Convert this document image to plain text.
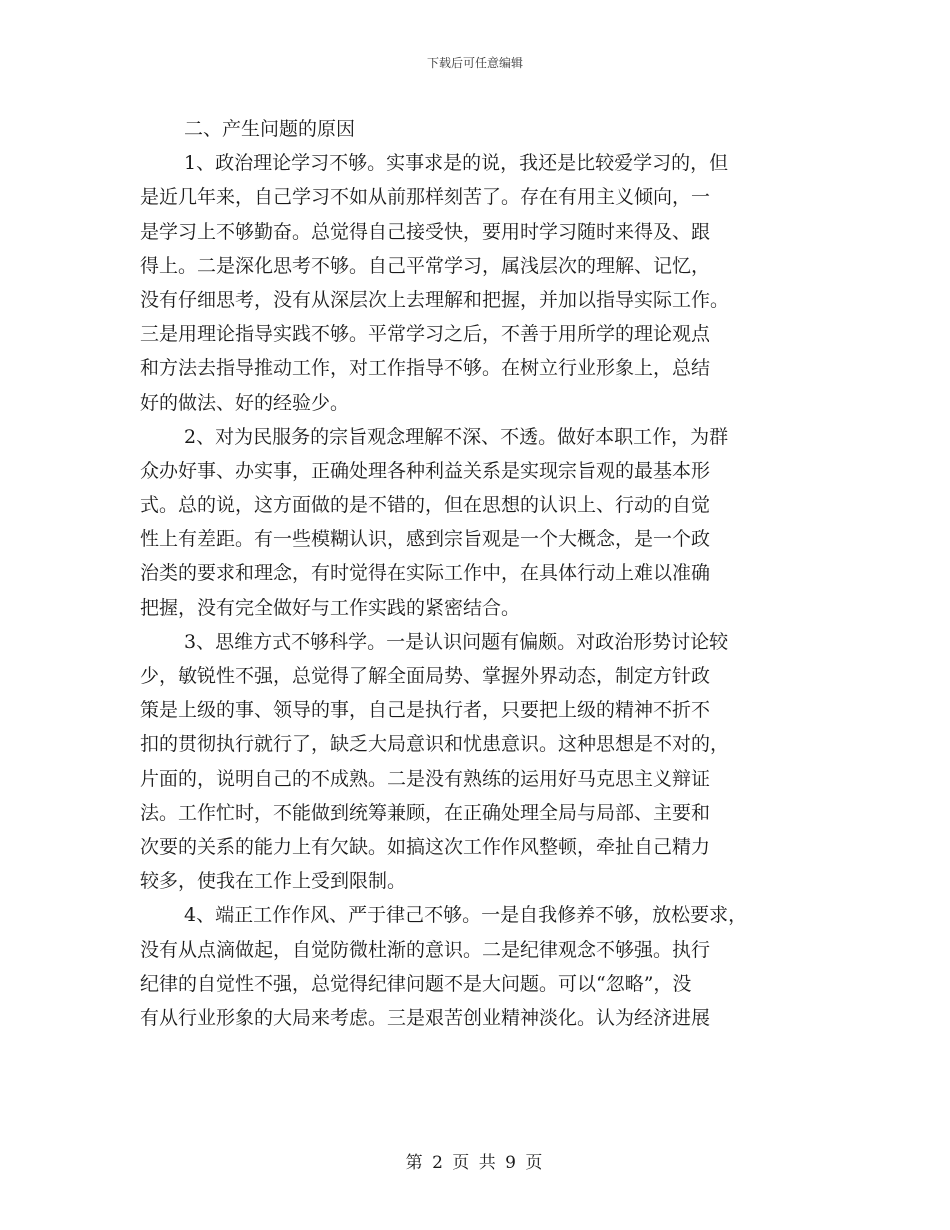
下载后可任意编辑
二、产生问题的原因
1、政治理论学习不够。实事求是的说，我还是比较爱学习的，但
是近几年来，自己学习不如从前那样刻苦了。存在有用主义倾向，一
是学习上不够勤奋。总觉得自己接受快，要用时学习随时来得及、跟
得上。二是深化思考不够。自己平常学习，属浅层次的理解、记忆，
没有仔细思考，没有从深层次上去理解和把握，并加以指导实际工作。
三是用理论指导实践不够。平常学习之后，不善于用所学的理论观点
和方法去指导推动工作，对工作指导不够。在树立行业形象上，总结
好的做法、好的经验少。
2、对为民服务的宗旨观念理解不深、不透。做好本职工作，为群
众办好事、办实事，正确处理各种利益关系是实现宗旨观的最基本形
式。总的说，这方面做的是不错的，但在思想的认识上、行动的自觉
性上有差距。有一些模糊认识，感到宗旨观是一个大概念，是一个政
治类的要求和理念，有时觉得在实际工作中，在具体行动上难以准确
把握，没有完全做好与工作实践的紧密结合。
3、思维方式不够科学。一是认识问题有偏颇。对政治形势讨论较
少，敏锐性不强，总觉得了解全面局势、掌握外界动态，制定方针政
策是上级的事、领导的事，自己是执行者，只要把上级的精神不折不
扣的贯彻执行就行了，缺乏大局意识和忧患意识。这种思想是不对的，
片面的，说明自己的不成熟。二是没有熟练的运用好马克思主义辩证
法。工作忙时，不能做到统筹兼顾，在正确处理全局与局部、主要和
次要的关系的能力上有欠缺。如搞这次工作作风整顿，牵扯自己精力
较多，使我在工作上受到限制。
4、端正工作作风、严于律己不够。一是自我修养不够，放松要求，
没有从点滴做起，自觉防微杜渐的意识。二是纪律观念不够强。执行
纪律的自觉性不强，总觉得纪律问题不是大问题。可以“忽略”，没
有从行业形象的大局来考虑。三是艰苦创业精神淡化。认为经济进展
第 2 页 共 9 页
